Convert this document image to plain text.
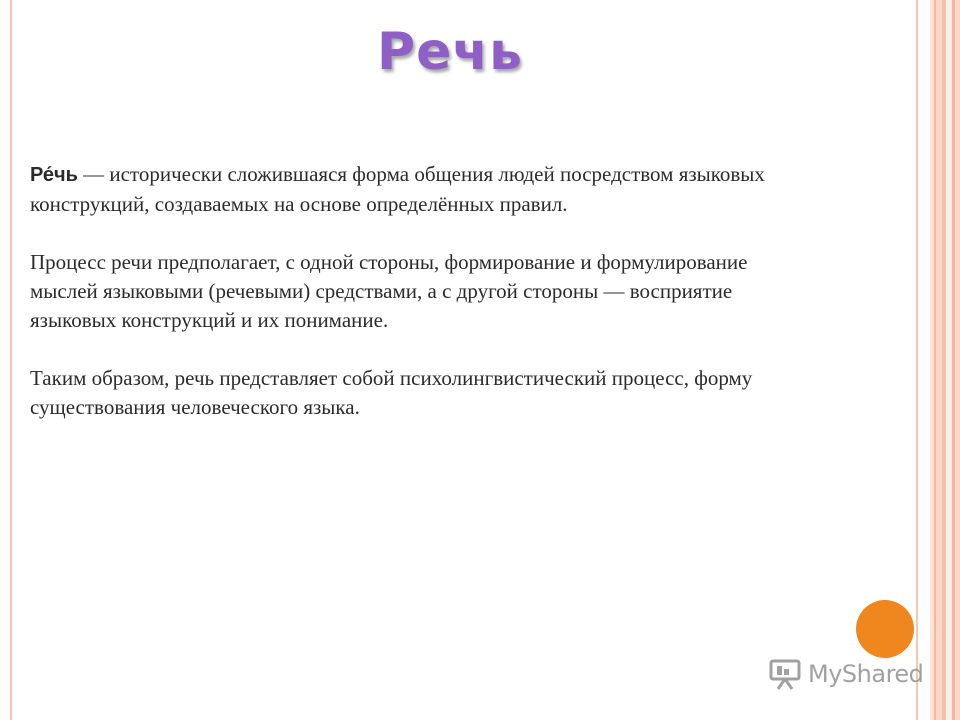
Речь

Ре́чь — исторически сложившаяся форма общения людей посредством языковых конструкций, создаваемых на основе определённых правил.

Процесс речи предполагает, с одной стороны, формирование и формулирование мыслей языковыми (речевыми) средствами, а с другой стороны — восприятие языковых конструкций и их понимание.

Таким образом, речь представляет собой психолингвистический процесс, форму существования человеческого языка.

MyShared
